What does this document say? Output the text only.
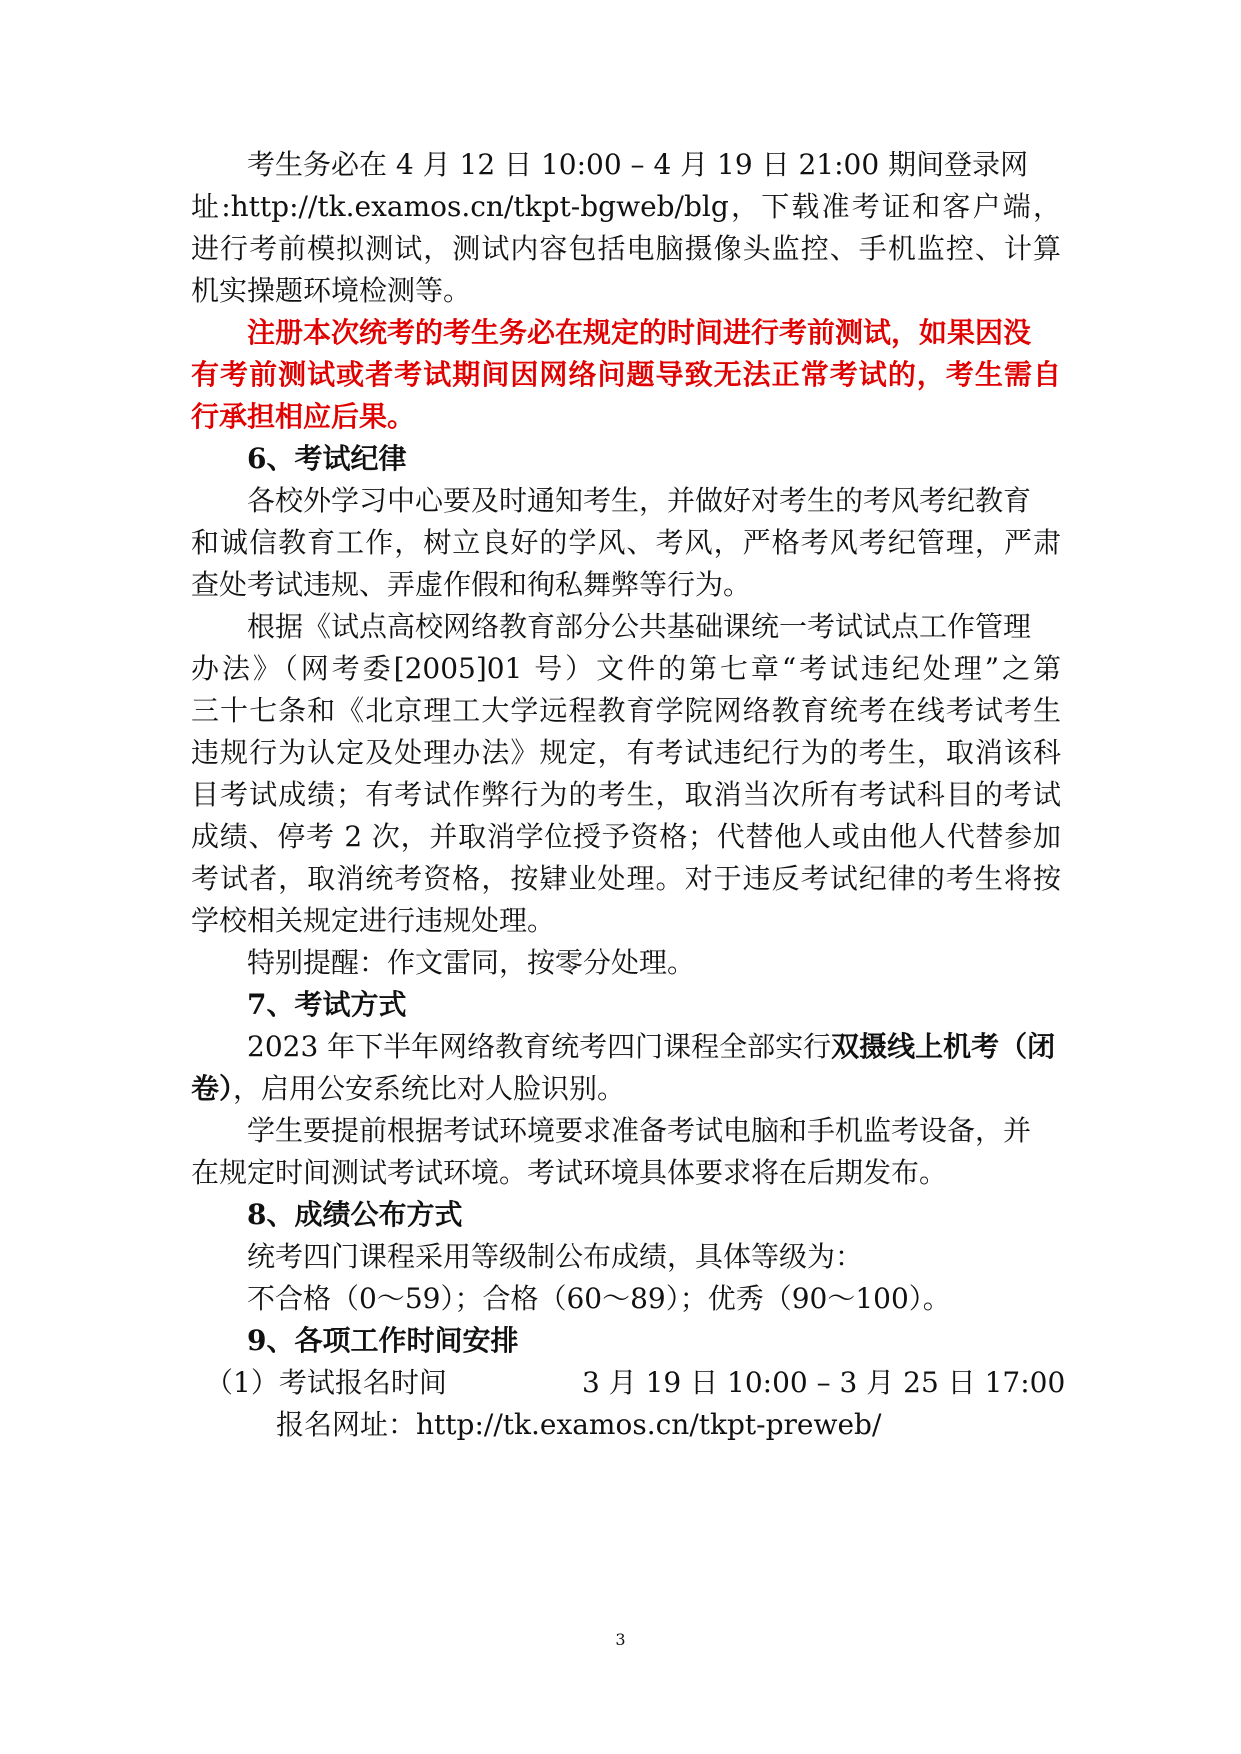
考生务必在 4 月 12 日 10:00 – 4 月 19 日 21:00 期间登录网
址:http://tk.examos.cn/tkpt-bgweb/blg，下载准考证和客户端，
进行考前模拟测试，测试内容包括电脑摄像头监控、手机监控、计算
机实操题环境检测等。
注册本次统考的考生务必在规定的时间进行考前测试，如果因没
有考前测试或者考试期间因网络问题导致无法正常考试的，考生需自
行承担相应后果。
6、考试纪律
各校外学习中心要及时通知考生，并做好对考生的考风考纪教育
和诚信教育工作，树立良好的学风、考风，严格考风考纪管理，严肃
查处考试违规、弄虚作假和徇私舞弊等行为。
根据《试点高校网络教育部分公共基础课统一考试试点工作管理
办法》（网考委[2005]01 号）文件的第七章“考试违纪处理”之第
三十七条和《北京理工大学远程教育学院网络教育统考在线考试考生
违规行为认定及处理办法》规定，有考试违纪行为的考生，取消该科
目考试成绩；有考试作弊行为的考生，取消当次所有考试科目的考试
成绩、停考 2 次，并取消学位授予资格；代替他人或由他人代替参加
考试者，取消统考资格，按肄业处理。对于违反考试纪律的考生将按
学校相关规定进行违规处理。
特别提醒：作文雷同，按零分处理。
7、考试方式
2023 年下半年网络教育统考四门课程全部实行双摄线上机考（闭
卷），启用公安系统比对人脸识别。
学生要提前根据考试环境要求准备考试电脑和手机监考设备，并
在规定时间测试考试环境。考试环境具体要求将在后期发布。
8、成绩公布方式
统考四门课程采用等级制公布成绩，具体等级为：
不合格（0～59）；合格（60～89）；优秀（90～100）。
9、各项工作时间安排
（1）考试报名时间	3 月 19 日 10:00 – 3 月 25 日 17:00
报名网址：http://tk.examos.cn/tkpt-preweb/
3
